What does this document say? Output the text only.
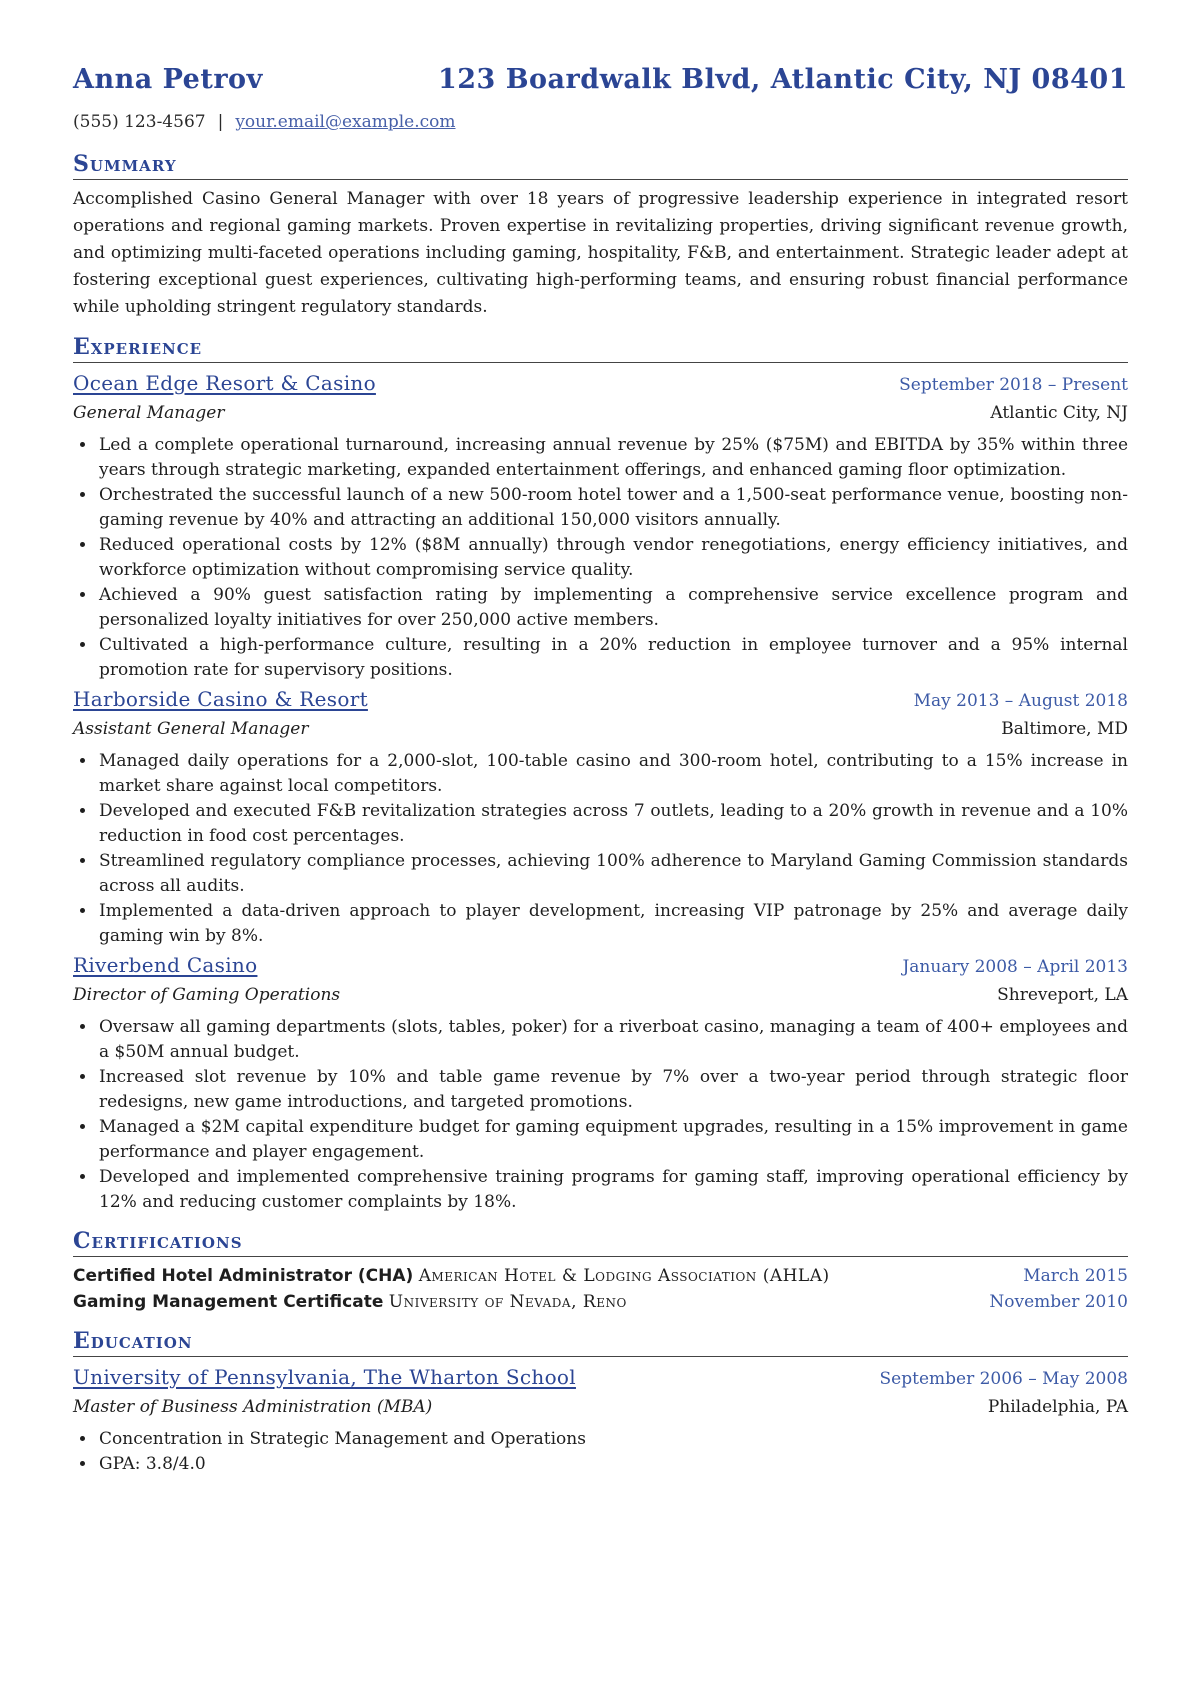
Anna Petrov	123 Boardwalk Blvd, Atlantic City, NJ 08401
(555) 123-4567 | your.email@example.com
Summary

Accomplished Casino General Manager with over 18 years of progressive leadership experience in integrated resort operations and regional gaming markets. Proven expertise in revitalizing properties, driving significant revenue growth, and optimizing multi-faceted operations including gaming, hospitality, F&B, and entertainment. Strategic leader adept at fostering exceptional guest experiences, cultivating high-performing teams, and ensuring robust financial performance while upholding stringent regulatory standards.

Experience
Ocean Edge Resort & Casino	September 2018 – Present
General Manager	Atlantic City, NJ
• Led a complete operational turnaround, increasing annual revenue by 25% ($75M) and EBITDA by 35% within three years through strategic marketing, expanded entertainment offerings, and enhanced gaming floor optimization.
• Orchestrated the successful launch of a new 500-room hotel tower and a 1,500-seat performance venue, boosting non-gaming revenue by 40% and attracting an additional 150,000 visitors annually.
• Reduced operational costs by 12% ($8M annually) through vendor renegotiations, energy efficiency initiatives, and workforce optimization without compromising service quality.
• Achieved a 90% guest satisfaction rating by implementing a comprehensive service excellence program and personalized loyalty initiatives for over 250,000 active members.
• Cultivated a high-performance culture, resulting in a 20% reduction in employee turnover and a 95% internal promotion rate for supervisory positions.
Harborside Casino & Resort	May 2013 – August 2018
Assistant General Manager	Baltimore, MD
• Managed daily operations for a 2,000-slot, 100-table casino and 300-room hotel, contributing to a 15% increase in market share against local competitors.
• Developed and executed F&B revitalization strategies across 7 outlets, leading to a 20% growth in revenue and a 10% reduction in food cost percentages.
• Streamlined regulatory compliance processes, achieving 100% adherence to Maryland Gaming Commission standards across all audits.
• Implemented a data-driven approach to player development, increasing VIP patronage by 25% and average daily gaming win by 8%.
Riverbend Casino	January 2008 – April 2013
Director of Gaming Operations	Shreveport, LA
• Oversaw all gaming departments (slots, tables, poker) for a riverboat casino, managing a team of 400+ employees and a $50M annual budget.
• Increased slot revenue by 10% and table game revenue by 7% over a two-year period through strategic floor redesigns, new game introductions, and targeted promotions.
• Managed a $2M capital expenditure budget for gaming equipment upgrades, resulting in a 15% improvement in game performance and player engagement.
• Developed and implemented comprehensive training programs for gaming staff, improving operational efficiency by 12% and reducing customer complaints by 18%.
Certifications
Certified Hotel Administrator (CHA) American Hotel & Lodging Association (AHLA)	March 2015
Gaming Management Certificate University of Nevada, Reno	November 2010
Education
University of Pennsylvania, The Wharton School	September 2006 – May 2008
Master of Business Administration (MBA)	Philadelphia, PA
• Concentration in Strategic Management and Operations
• GPA: 3.8/4.0
